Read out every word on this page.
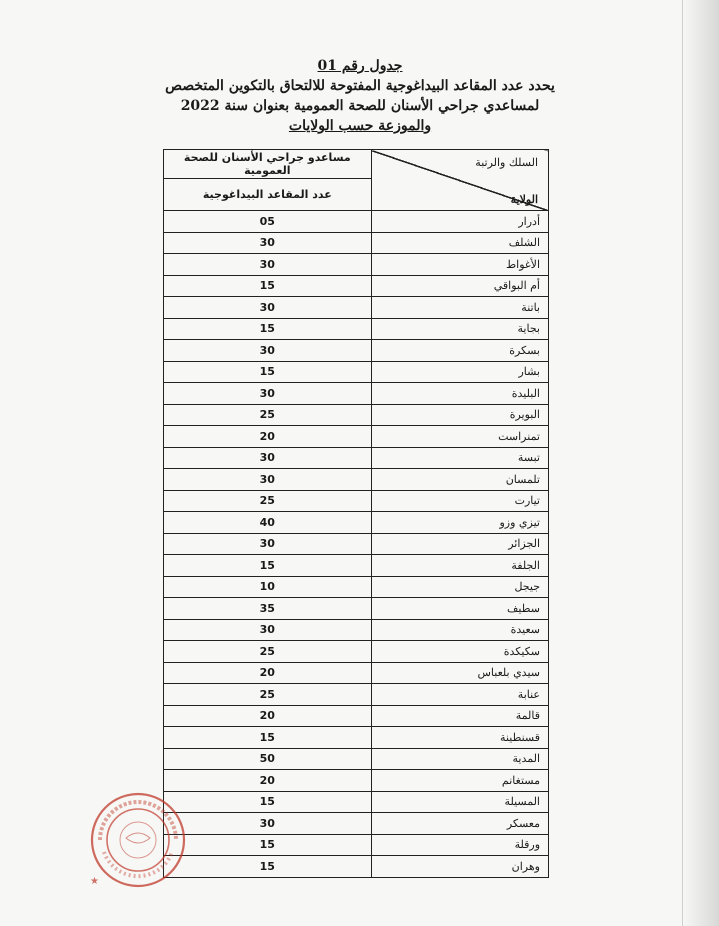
جدول رقم 01
يحدد عدد المقاعد البيداغوجية المفتوحة للالتحاق بالتكوين المتخصص
لمساعدي جراحي الأسنان للصحة العمومية بعنوان سنة 2022
والموزعة حسب الولايات
السلك والرتبة
الولاية	مساعدو جراحي الأسنان للصحة العمومية
	عدد المقاعد البيداغوجية
أدرار	05
الشلف	30
الأغواط	30
أم البواقي	15
باتنة	30
بجاية	15
بسكرة	30
بشار	15
البليدة	30
البويرة	25
تمنراست	20
تبسة	30
تلمسان	30
تيارت	25
تيزي وزو	40
الجزائر	30
الجلفة	15
جيجل	10
سطيف	35
سعيدة	30
سكيكدة	25
سيدي بلعباس	20
عنابة	25
قالمة	20
قسنطينة	15
المدية	50
مستغانم	20
المسيلة	15
معسكر	30
ورقلة	15
وهران	15
★
